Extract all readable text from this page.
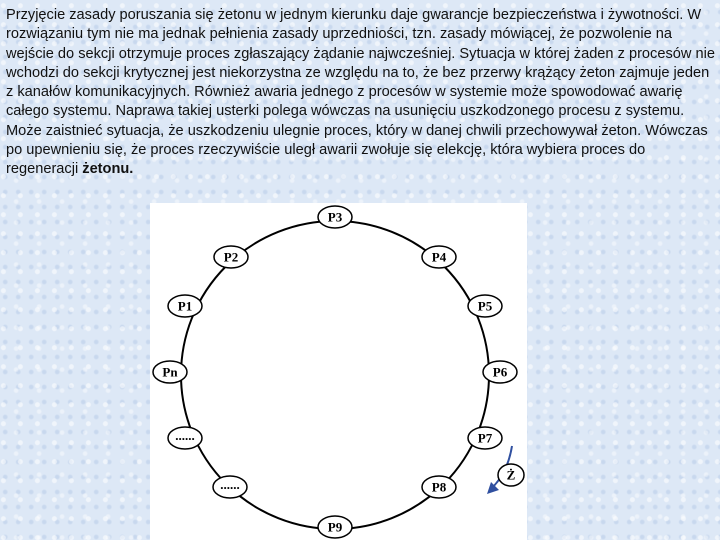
Przyjęcie zasady poruszania się żetonu w jednym kierunku daje gwarancje bezpieczeństwa i żywotności. W rozwiązaniu tym nie ma jednak pełnienia zasady uprzedniości, tzn. zasady mówiącej, że pozwolenie na wejście do sekcji otrzymuje proces zgłaszający żądanie najwcześniej. Sytuacja w której żaden z procesów nie wchodzi do sekcji krytycznej jest niekorzystna ze względu na to, że bez przerwy krążący żeton zajmuje jeden z kanałów komunikacyjnych. Również awaria jednego z procesów w systemie może spowodować awarię całego systemu. Naprawa takiej usterki polega wówczas na usunięciu uszkodzonego procesu z systemu. Może zaistnieć sytuacja, że uszkodzeniu ulegnie proces, który w danej chwili przechowywał żeton. Wówczas po upewnieniu się, że proces rzeczywiście uległ awarii zwołuje się elekcję, która wybiera proces do regeneracji żetonu.

P3
P4
P5
P6
P7
P8
P9
......
......
Pn
P1
P2
Ż
